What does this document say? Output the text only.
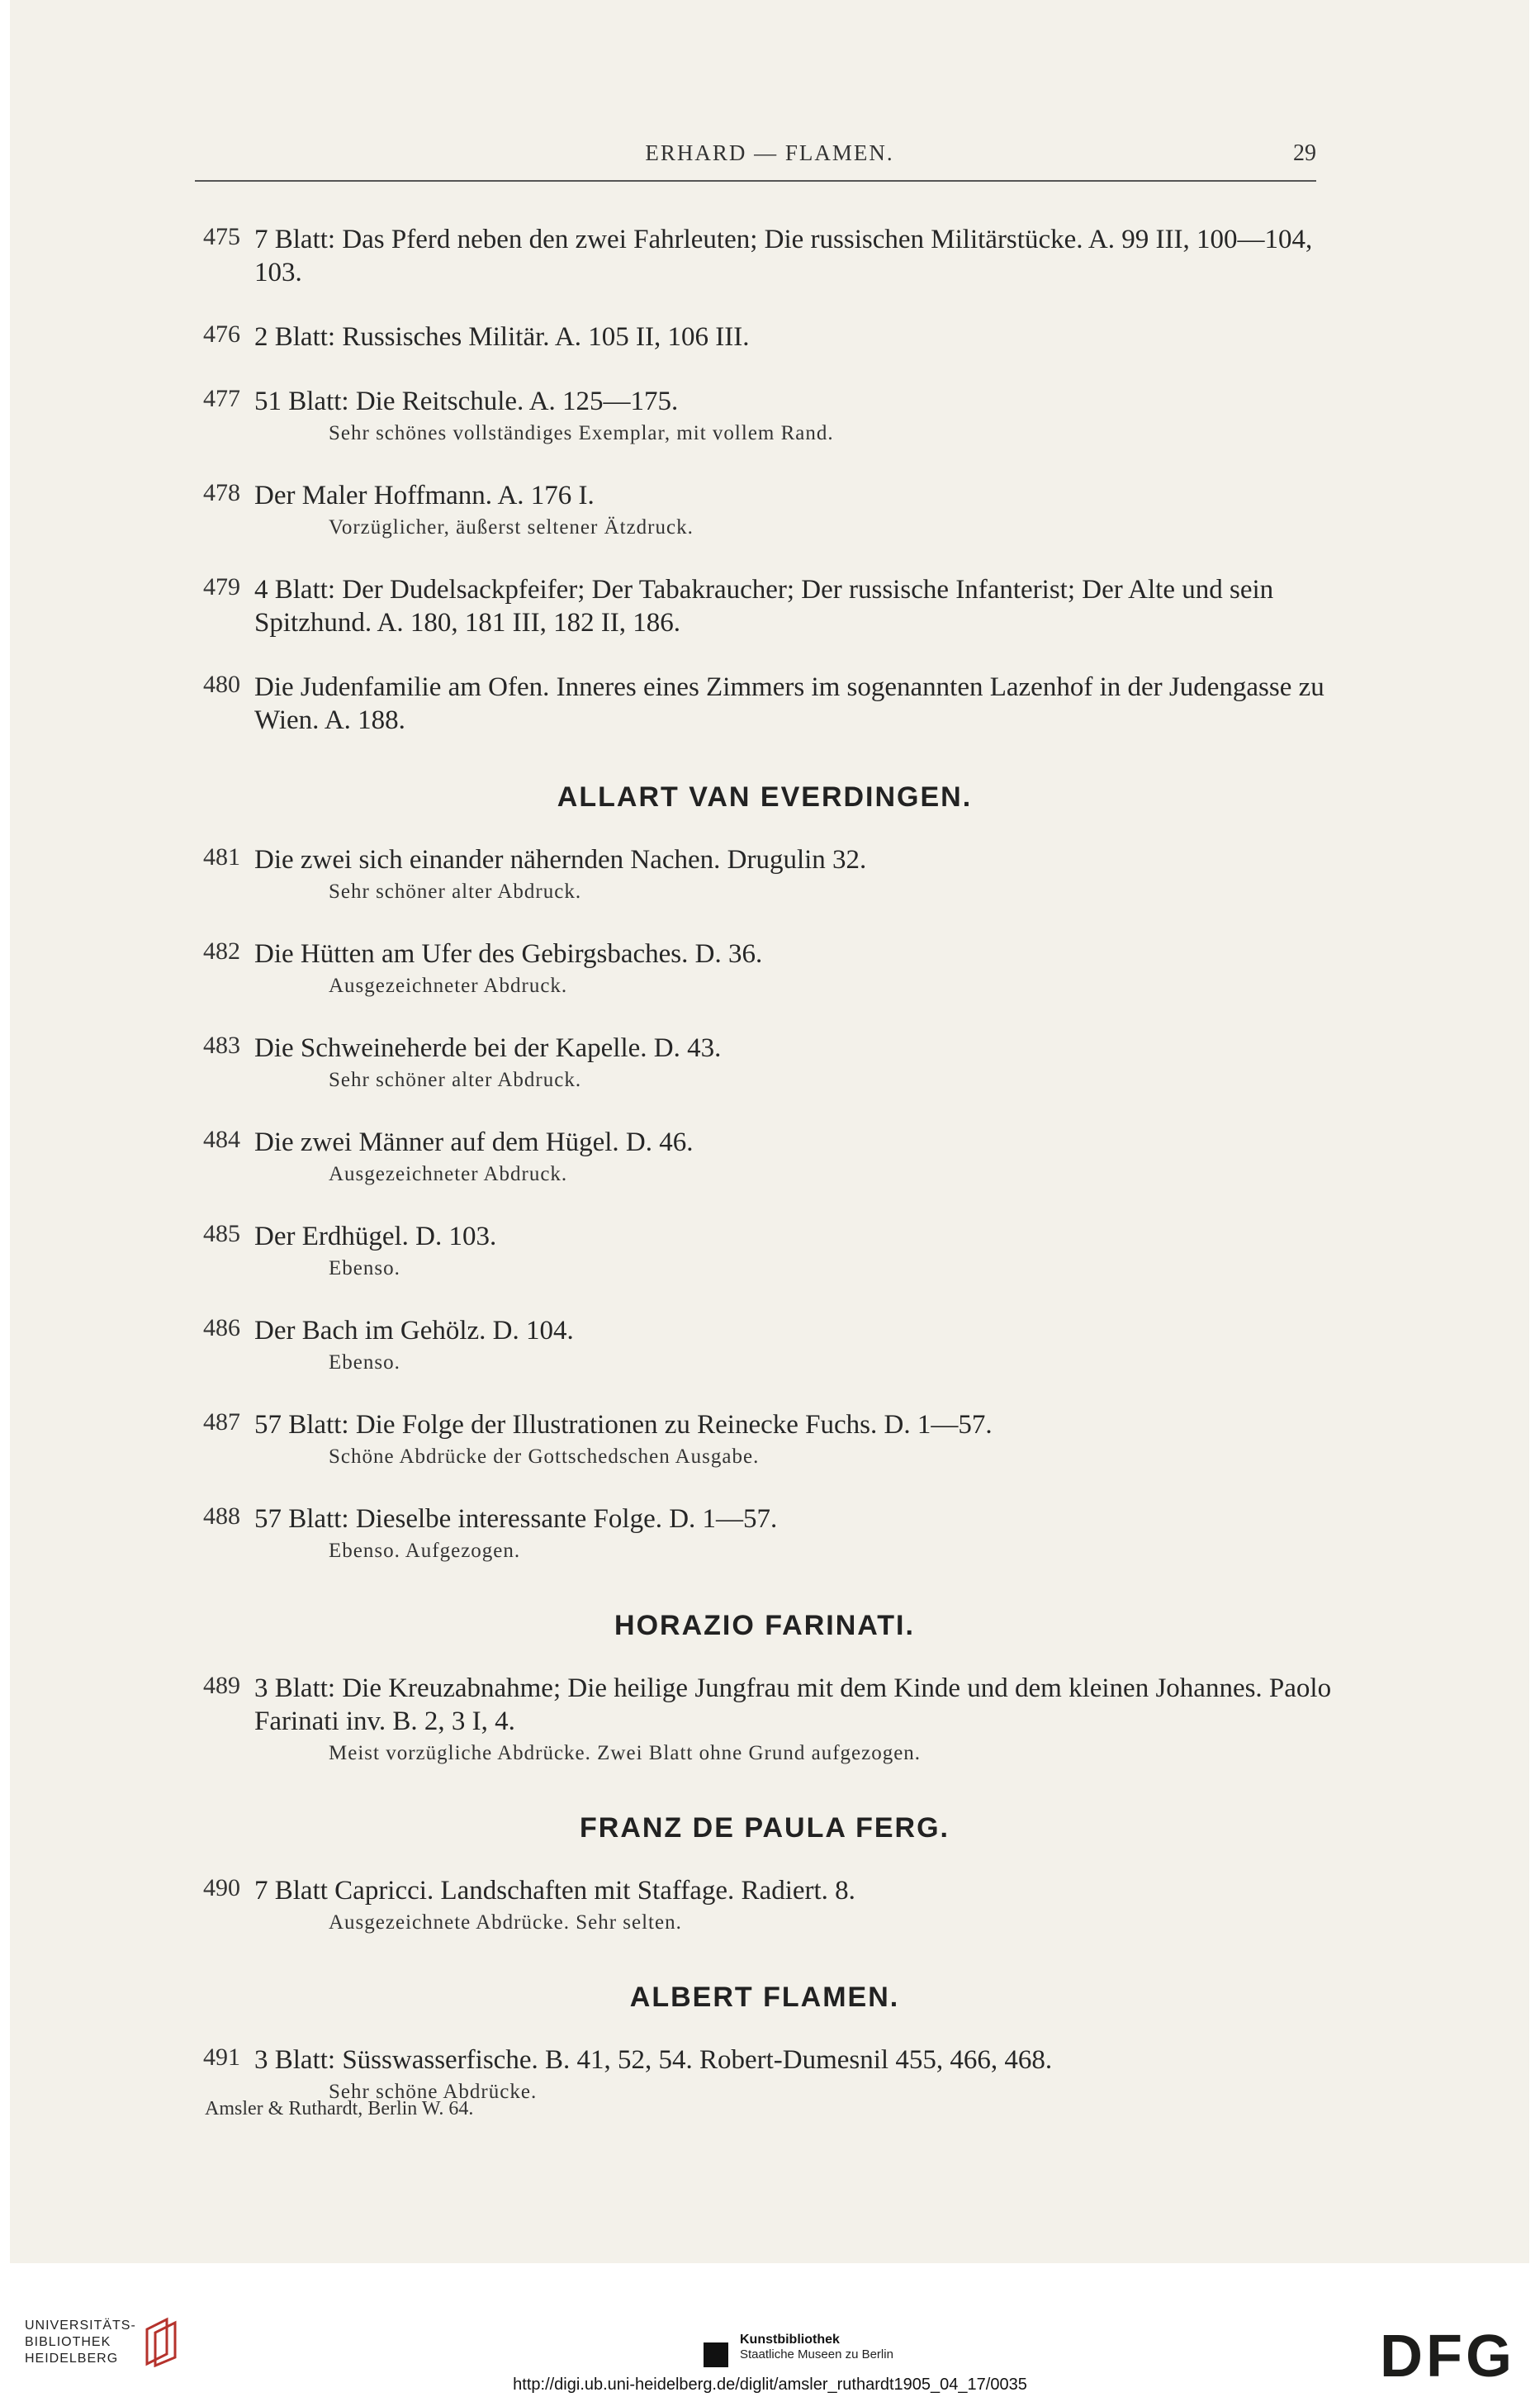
ERHARD — FLAMEN.	29
475 7 Blatt: Das Pferd neben den zwei Fahrleuten; Die russischen Militärstücke. A. 99 III, 100—104, 103.
476 2 Blatt: Russisches Militär. A. 105 II, 106 III.
477 51 Blatt: Die Reitschule. A. 125—175.
Sehr schönes vollständiges Exemplar, mit vollem Rand.
478 Der Maler Hoffmann. A. 176 I.
Vorzüglicher, äußerst seltener Ätzdruck.
479 4 Blatt: Der Dudelsackpfeifer; Der Tabakraucher; Der russische Infanterist; Der Alte und sein Spitzhund. A. 180, 181 III, 182 II, 186.
480 Die Judenfamilie am Ofen. Inneres eines Zimmers im sogenannten Lazenhof in der Judengasse zu Wien. A. 188.
ALLART VAN EVERDINGEN.
481 Die zwei sich einander nähernden Nachen. Drugulin 32.
Sehr schöner alter Abdruck.
482 Die Hütten am Ufer des Gebirgsbaches. D. 36.
Ausgezeichneter Abdruck.
483 Die Schweineherde bei der Kapelle. D. 43.
Sehr schöner alter Abdruck.
484 Die zwei Männer auf dem Hügel. D. 46.
Ausgezeichneter Abdruck.
485 Der Erdhügel. D. 103.
Ebenso.
486 Der Bach im Gehölz. D. 104.
Ebenso.
487 57 Blatt: Die Folge der Illustrationen zu Reinecke Fuchs. D. 1—57.
Schöne Abdrücke der Gottschedschen Ausgabe.
488 57 Blatt: Dieselbe interessante Folge. D. 1—57.
Ebenso. Aufgezogen.
HORAZIO FARINATI.
489 3 Blatt: Die Kreuzabnahme; Die heilige Jungfrau mit dem Kinde und dem kleinen Johannes. Paolo Farinati inv. B. 2, 3 I, 4.
Meist vorzügliche Abdrücke. Zwei Blatt ohne Grund aufgezogen.
FRANZ DE PAULA FERG.
490 7 Blatt Capricci. Landschaften mit Staffage. Radiert. 8.
Ausgezeichnete Abdrücke. Sehr selten.
ALBERT FLAMEN.
491 3 Blatt: Süsswasserfische. B. 41, 52, 54. Robert-Dumesnil 455, 466, 468.
Sehr schöne Abdrücke.
Amsler & Ruthardt, Berlin W. 64.
UNIVERSITÄTS-
BIBLIOTHEK
HEIDELBERG
Kunstbibliothek
Staatliche Museen zu Berlin	DFG
http://digi.ub.uni-heidelberg.de/diglit/amsler_ruthardt1905_04_17/0035
